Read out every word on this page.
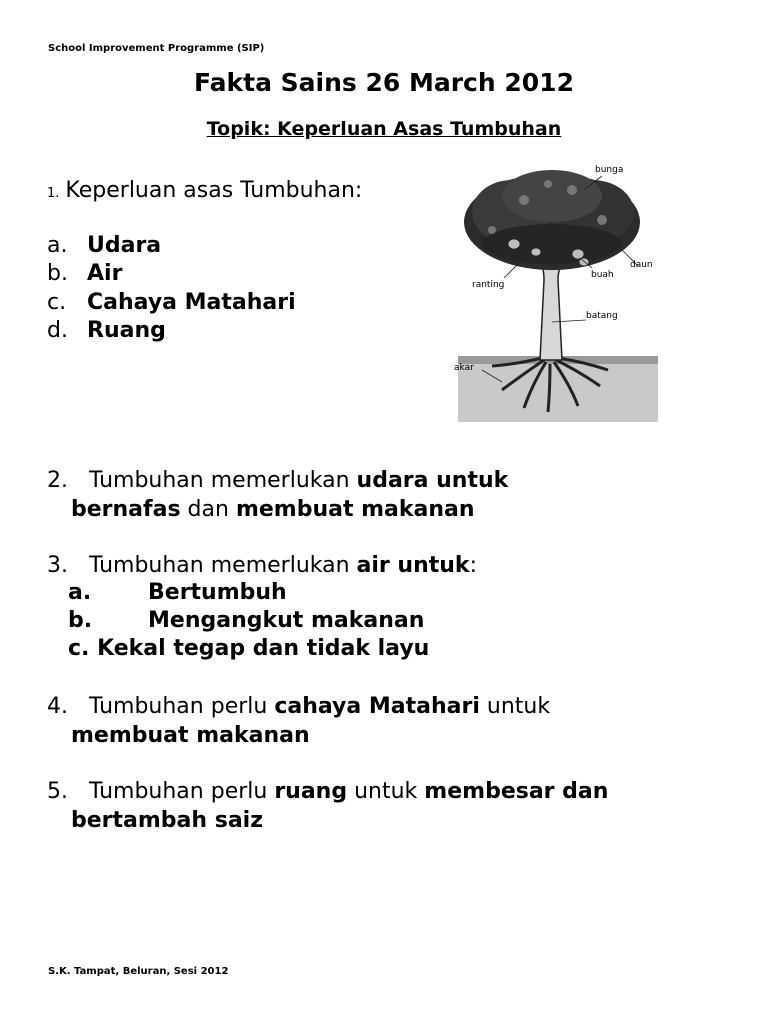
School Improvement Programme (SIP)
Fakta Sains 26 March 2012
Topik: Keperluan Asas Tumbuhan
1. Keperluan asas Tumbuhan:
a. Udara
b. Air
c. Cahaya Matahari
d. Ruang
bunga
daun
buah
ranting
batang
akar
2. Tumbuhan memerlukan udara untuk
bernafas dan membuat makanan
3. Tumbuhan memerlukan air untuk:
a.	Bertumbuh
b.	Mengangkut makanan
c. Kekal tegap dan tidak layu
4. Tumbuhan perlu cahaya Matahari untuk
membuat makanan
5. Tumbuhan perlu ruang untuk membesar dan
bertambah saiz
S.K. Tampat, Beluran, Sesi 2012
